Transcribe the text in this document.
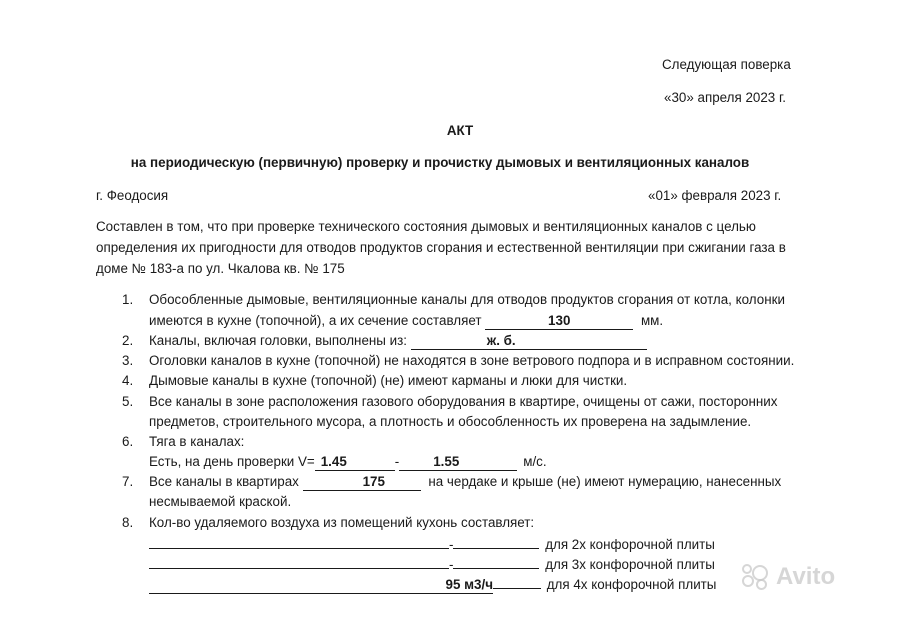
Следующая поверка
«30» апреля 2023 г.
АКТ
на периодическую (первичную) проверку и прочистку дымовых и вентиляционных каналов
г. Феодосия	«01» февраля 2023 г.
Составлен в том, что при проверке технического состояния дымовых и вентиляционных каналов с целью
определения их пригодности для отводов продуктов сгорания и естественной вентиляции при сжигании газа в
доме № 183-а по ул. Чкалова кв. № 175
1. Обособленные дымовые, вентиляционные каналы для отводов продуктов сгорания от котла, колонки
имеются в кухне (топочной), а их сечение составляет	130	мм.
2. Каналы, включая головки, выполнены из:	ж. б.
3. Оголовки каналов в кухне (топочной) не находятся в зоне ветрового подпора и в исправном состоянии.
4. Дымовые каналы в кухне (топочной) (не) имеют карманы и люки для чистки.
5. Все каналы в зоне расположения газового оборудования в квартире, очищены от сажи, посторонних
предметов, строительного мусора, а плотность и обособленность их проверена на задымление.
6. Тяга в каналах:
Есть, на день проверки V= 1.45	-	1.55	м/с.
7. Все каналы в квартирах	175	на чердаке и крыше (не) имеют нумерацию, нанесенных
несмываемой краской.
8. Кол-во удаляемого воздуха из помещений кухонь составляет:
-	для 2х конфорочной плиты
-	для 3х конфорочной плиты
95 м3/ч	для 4х конфорочной плиты Avito
